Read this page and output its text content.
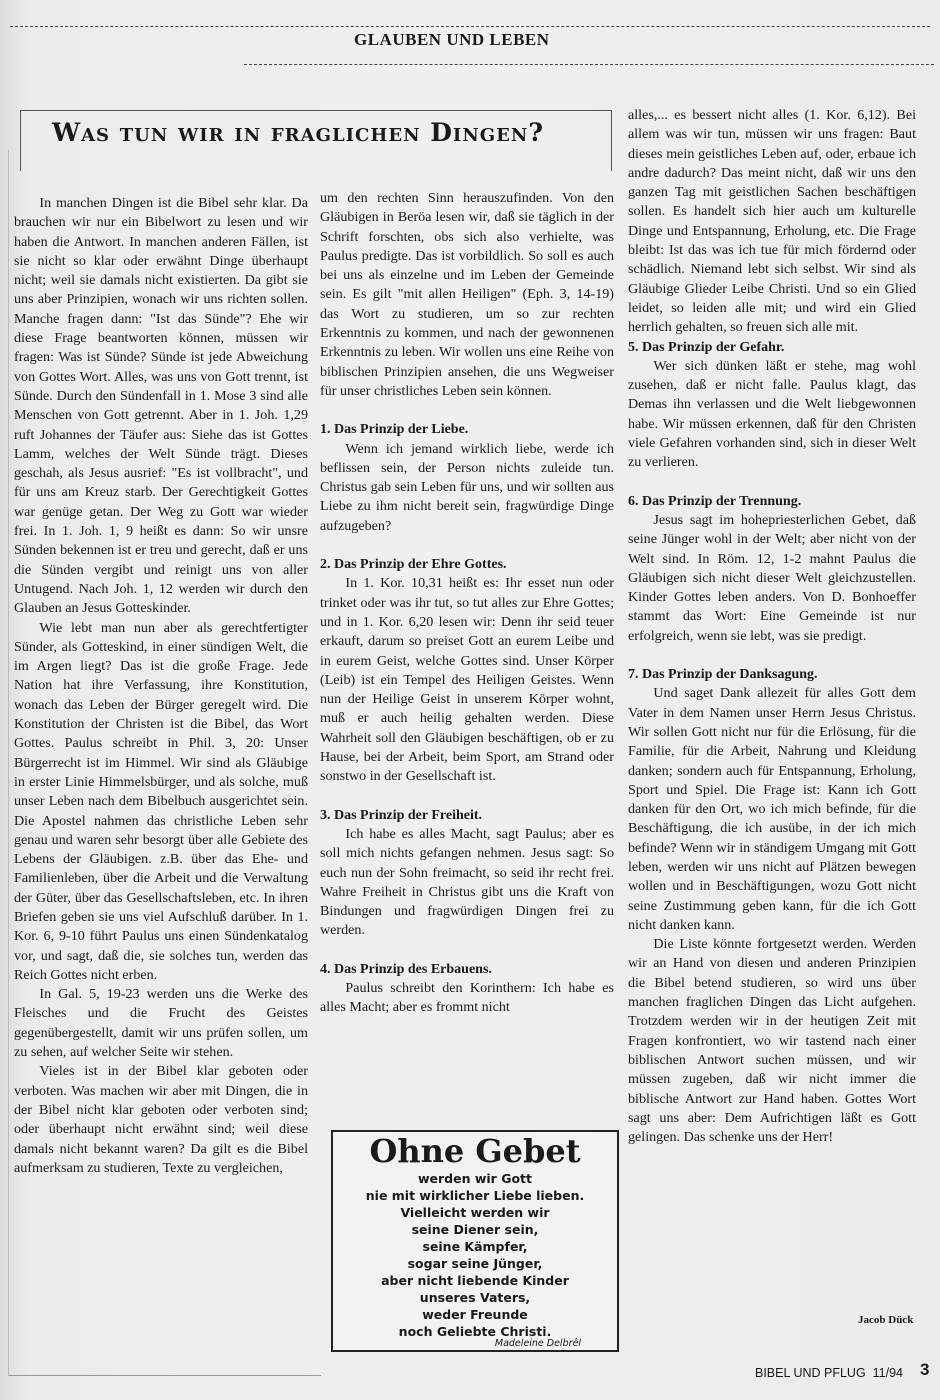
GLAUBEN UND LEBEN
Was tun wir in fraglichen Dingen?

In manchen Dingen ist die Bibel sehr klar. Da brauchen wir nur ein Bibelwort zu lesen und wir haben die Antwort. In manchen anderen Fällen, ist sie nicht so klar oder erwähnt Dinge überhaupt nicht; weil sie damals nicht existierten. Da gibt sie uns aber Prinzipien, wonach wir uns richten sollen. Manche fragen dann: "Ist das Sünde"? Ehe wir diese Frage beantworten können, müssen wir fragen: Was ist Sünde? Sünde ist jede Abweichung von Gottes Wort. Alles, was uns von Gott trennt, ist Sünde. Durch den Sündenfall in 1. Mose 3 sind alle Menschen von Gott getrennt. Aber in 1. Joh. 1,29 ruft Johannes der Täufer aus: Siehe das ist Gottes Lamm, welches der Welt Sünde trägt. Dieses geschah, als Jesus ausrief: "Es ist vollbracht", und für uns am Kreuz starb. Der Gerechtigkeit Gottes war genüge getan. Der Weg zu Gott war wieder frei. In 1. Joh. 1, 9 heißt es dann: So wir unsre Sünden bekennen ist er treu und gerecht, daß er uns die Sünden vergibt und reinigt uns von aller Untugend. Nach Joh. 1, 12 werden wir durch den Glauben an Jesus Gotteskinder.

Wie lebt man nun aber als gerechtfertigter Sünder, als Gotteskind, in einer sündigen Welt, die im Argen liegt? Das ist die große Frage. Jede Nation hat ihre Verfassung, ihre Konstitution, wonach das Leben der Bürger geregelt wird. Die Konstitution der Christen ist die Bibel, das Wort Gottes. Paulus schreibt in Phil. 3, 20: Unser Bürgerrecht ist im Himmel. Wir sind als Gläubige in erster Linie Himmelsbürger, und als solche, muß unser Leben nach dem Bibelbuch ausgerichtet sein. Die Apostel nahmen das christliche Leben sehr genau und waren sehr besorgt über alle Gebiete des Lebens der Gläubigen. z.B. über das Ehe- und Familienleben, über die Arbeit und die Verwaltung der Güter, über das Gesellschaftsleben, etc. In ihren Briefen geben sie uns viel Aufschluß darüber. In 1. Kor. 6, 9-10 führt Paulus uns einen Sündenkatalog vor, und sagt, daß die, sie solches tun, werden das Reich Gottes nicht erben.

In Gal. 5, 19-23 werden uns die Werke des Fleisches und die Frucht des Geistes gegenübergestellt, damit wir uns prüfen sollen, um zu sehen, auf welcher Seite wir stehen.

Vieles ist in der Bibel klar geboten oder verboten. Was machen wir aber mit Dingen, die in der Bibel nicht klar geboten oder verboten sind; oder überhaupt nicht erwähnt sind; weil diese damals nicht bekannt waren? Da gilt es die Bibel aufmerksam zu studieren, Texte zu vergleichen,

um den rechten Sinn herauszufinden. Von den Gläubigen in Beröa lesen wir, daß sie täglich in der Schrift forschten, obs sich also verhielte, was Paulus predigte. Das ist vorbildlich. So soll es auch bei uns als einzelne und im Leben der Gemeinde sein. Es gilt "mit allen Heiligen" (Eph. 3, 14-19) das Wort zu studieren, um so zur rechten Erkenntnis zu kommen, und nach der gewonnenen Erkenntnis zu leben. Wir wollen uns eine Reihe von biblischen Prinzipien ansehen, die uns Wegweiser für unser christliches Leben sein können.

1. Das Prinzip der Liebe.

Wenn ich jemand wirklich liebe, werde ich beflissen sein, der Person nichts zuleide tun. Christus gab sein Leben für uns, und wir sollten aus Liebe zu ihm nicht bereit sein, fragwürdige Dinge aufzugeben?

2. Das Prinzip der Ehre Gottes.

In 1. Kor. 10,31 heißt es: Ihr esset nun oder trinket oder was ihr tut, so tut alles zur Ehre Gottes; und in 1. Kor. 6,20 lesen wir: Denn ihr seid teuer erkauft, darum so preiset Gott an eurem Leibe und in eurem Geist, welche Gottes sind. Unser Körper (Leib) ist ein Tempel des Heiligen Geistes. Wenn nun der Heilige Geist in unserem Körper wohnt, muß er auch heilig gehalten werden. Diese Wahrheit soll den Gläubigen beschäftigen, ob er zu Hause, bei der Arbeit, beim Sport, am Strand oder sonstwo in der Gesellschaft ist.

3. Das Prinzip der Freiheit.

Ich habe es alles Macht, sagt Paulus; aber es soll mich nichts gefangen nehmen. Jesus sagt: So euch nun der Sohn freimacht, so seid ihr recht frei. Wahre Freiheit in Christus gibt uns die Kraft von Bindungen und fragwürdigen Dingen frei zu werden.

4. Das Prinzip des Erbauens.

Paulus schreibt den Korinthern: Ich habe es alles Macht; aber es frommt nicht

alles,... es bessert nicht alles (1. Kor. 6,12). Bei allem was wir tun, müssen wir uns fragen: Baut dieses mein geistliches Leben auf, oder, erbaue ich andre dadurch? Das meint nicht, daß wir uns den ganzen Tag mit geistlichen Sachen beschäftigen sollen. Es handelt sich hier auch um kulturelle Dinge und Entspannung, Erholung, etc. Die Frage bleibt: Ist das was ich tue für mich fördernd oder schädlich. Niemand lebt sich selbst. Wir sind als Gläubige Glieder Leibe Christi. Und so ein Glied leidet, so leiden alle mit; und wird ein Glied herrlich gehalten, so freuen sich alle mit.

5. Das Prinzip der Gefahr.

Wer sich dünken läßt er stehe, mag wohl zusehen, daß er nicht falle. Paulus klagt, das Demas ihn verlassen und die Welt liebgewonnen habe. Wir müssen erkennen, daß für den Christen viele Gefahren vorhanden sind, sich in dieser Welt zu verlieren.

6. Das Prinzip der Trennung.

Jesus sagt im hohepriesterlichen Gebet, daß seine Jünger wohl in der Welt; aber nicht von der Welt sind. In Röm. 12, 1-2 mahnt Paulus die Gläubigen sich nicht dieser Welt gleichzustellen. Kinder Gottes leben anders. Von D. Bonhoeffer stammt das Wort: Eine Gemeinde ist nur erfolgreich, wenn sie lebt, was sie predigt.

7. Das Prinzip der Danksagung.

Und saget Dank allezeit für alles Gott dem Vater in dem Namen unser Herrn Jesus Christus. Wir sollen Gott nicht nur für die Erlösung, für die Familie, für die Arbeit, Nahrung und Kleidung danken; sondern auch für Entspannung, Erholung, Sport und Spiel. Die Frage ist: Kann ich Gott danken für den Ort, wo ich mich befinde, für die Beschäftigung, die ich ausübe, in der ich mich befinde? Wenn wir in ständigem Umgang mit Gott leben, werden wir uns nicht auf Plätzen bewegen wollen und in Beschäftigungen, wozu Gott nicht seine Zustimmung geben kann, für die ich Gott nicht danken kann.

Die Liste könnte fortgesetzt werden. Werden wir an Hand von diesen und anderen Prinzipien die Bibel betend studieren, so wird uns über manchen fraglichen Dingen das Licht aufgehen. Trotzdem werden wir in der heutigen Zeit mit Fragen konfrontiert, wo wir tastend nach einer biblischen Antwort suchen müssen, und wir müssen zugeben, daß wir nicht immer die biblische Antwort zur Hand haben. Gottes Wort sagt uns aber: Dem Aufrichtigen läßt es Gott gelingen. Das schenke uns der Herr!

Jacob Dück
Ohne Gebet
werden wir Gott
nie mit wirklicher Liebe lieben.
Vielleicht werden wir
seine Diener sein,
seine Kämpfer,
sogar seine Jünger,
aber nicht liebende Kinder
unseres Vaters,
weder Freunde
noch Geliebte Christi.
Madeleine Delbrêl
BIBEL UND PFLUG  11/94 3
